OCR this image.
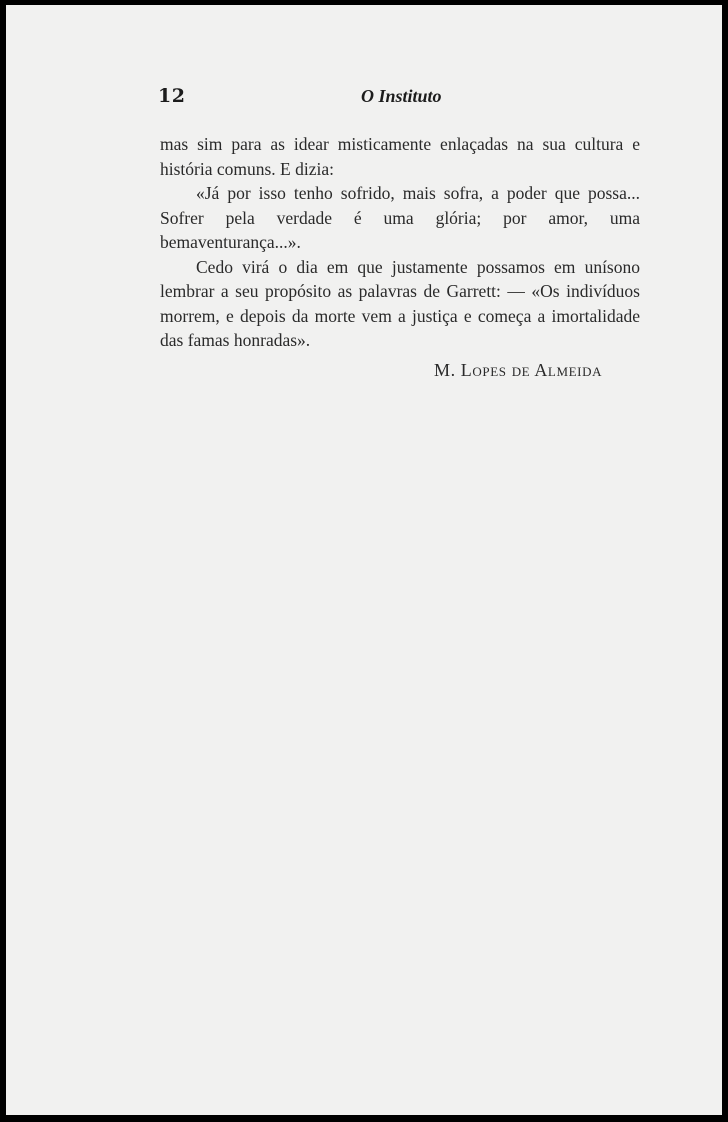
12	O Instituto

mas sim para as idear misticamente enlaçadas na sua cultura e história comuns. E dizia:

«Já por isso tenho sofrido, mais sofra, a poder que possa... Sofrer pela verdade é uma glória; por amor, uma bemaventurança...».

Cedo virá o dia em que justamente possamos em unísono lembrar a seu propósito as palavras de Garrett: — «Os indivíduos morrem, e depois da morte vem a justiça e começa a imortalidade das famas honradas».

M. Lopes de Almeida
